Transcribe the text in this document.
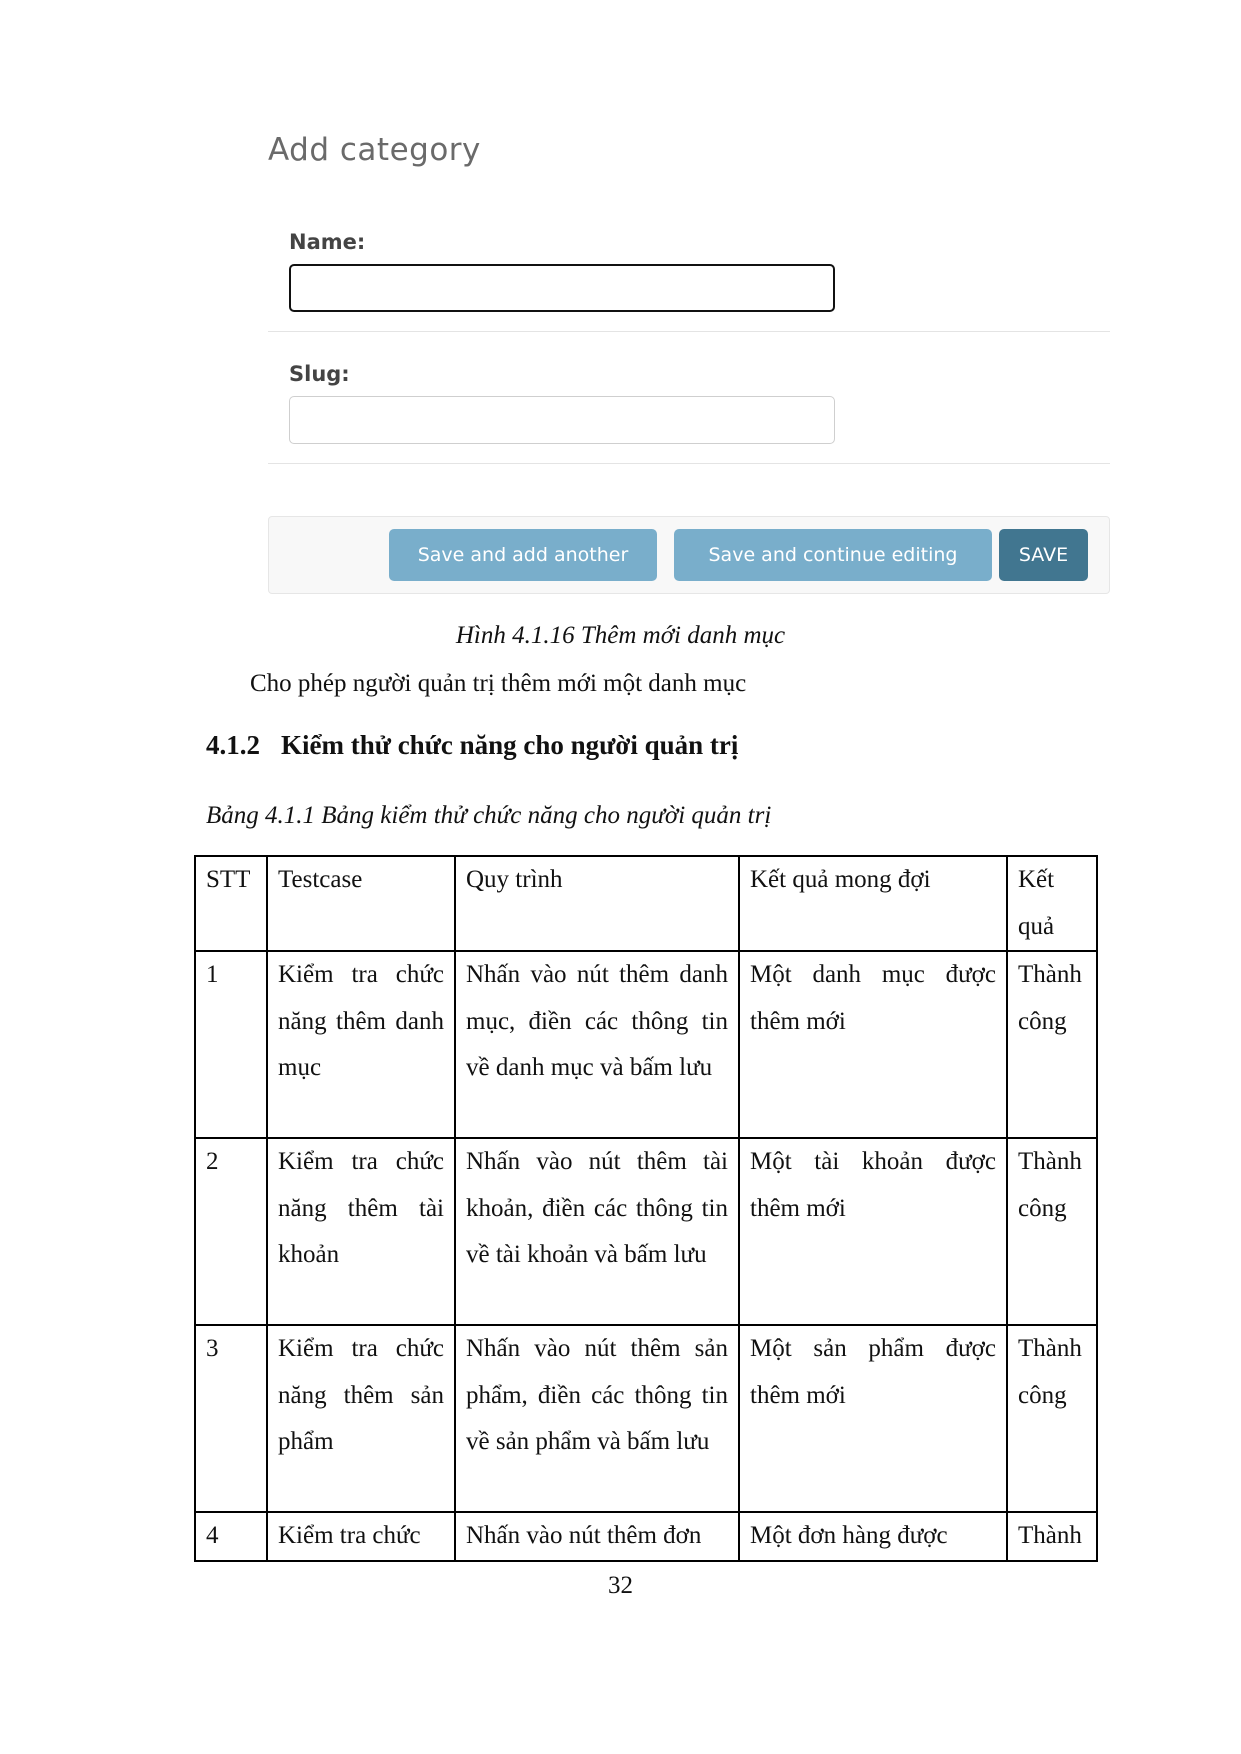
Add category
Name:
Slug:
Save and add another	Save and continue editing	SAVE
Hình 4.1.16 Thêm mới danh mục
Cho phép người quản trị thêm mới một danh mục
4.1.2 Kiểm thử chức năng cho người quản trị
Bảng 4.1.1 Bảng kiểm thử chức năng cho người quản trị
STT	Testcase	Quy trình	Kết quả mong đợi	Kết quả
1	Kiểm tra chức năng thêm danh mục	Nhấn vào nút thêm danh mục, điền các thông tin về danh mục và bấm lưu	Một danh mục được thêm mới	Thành công
2	Kiểm tra chức năng thêm tài khoản	Nhấn vào nút thêm tài khoản, điền các thông tin về tài khoản và bấm lưu	Một tài khoản được thêm mới	Thành công
3	Kiểm tra chức năng thêm sản phẩm	Nhấn vào nút thêm sản phẩm, điền các thông tin về sản phẩm và bấm lưu	Một sản phẩm được thêm mới	Thành công
4	Kiểm tra chức	Nhấn vào nút thêm đơn	Một đơn hàng được	Thành
32
